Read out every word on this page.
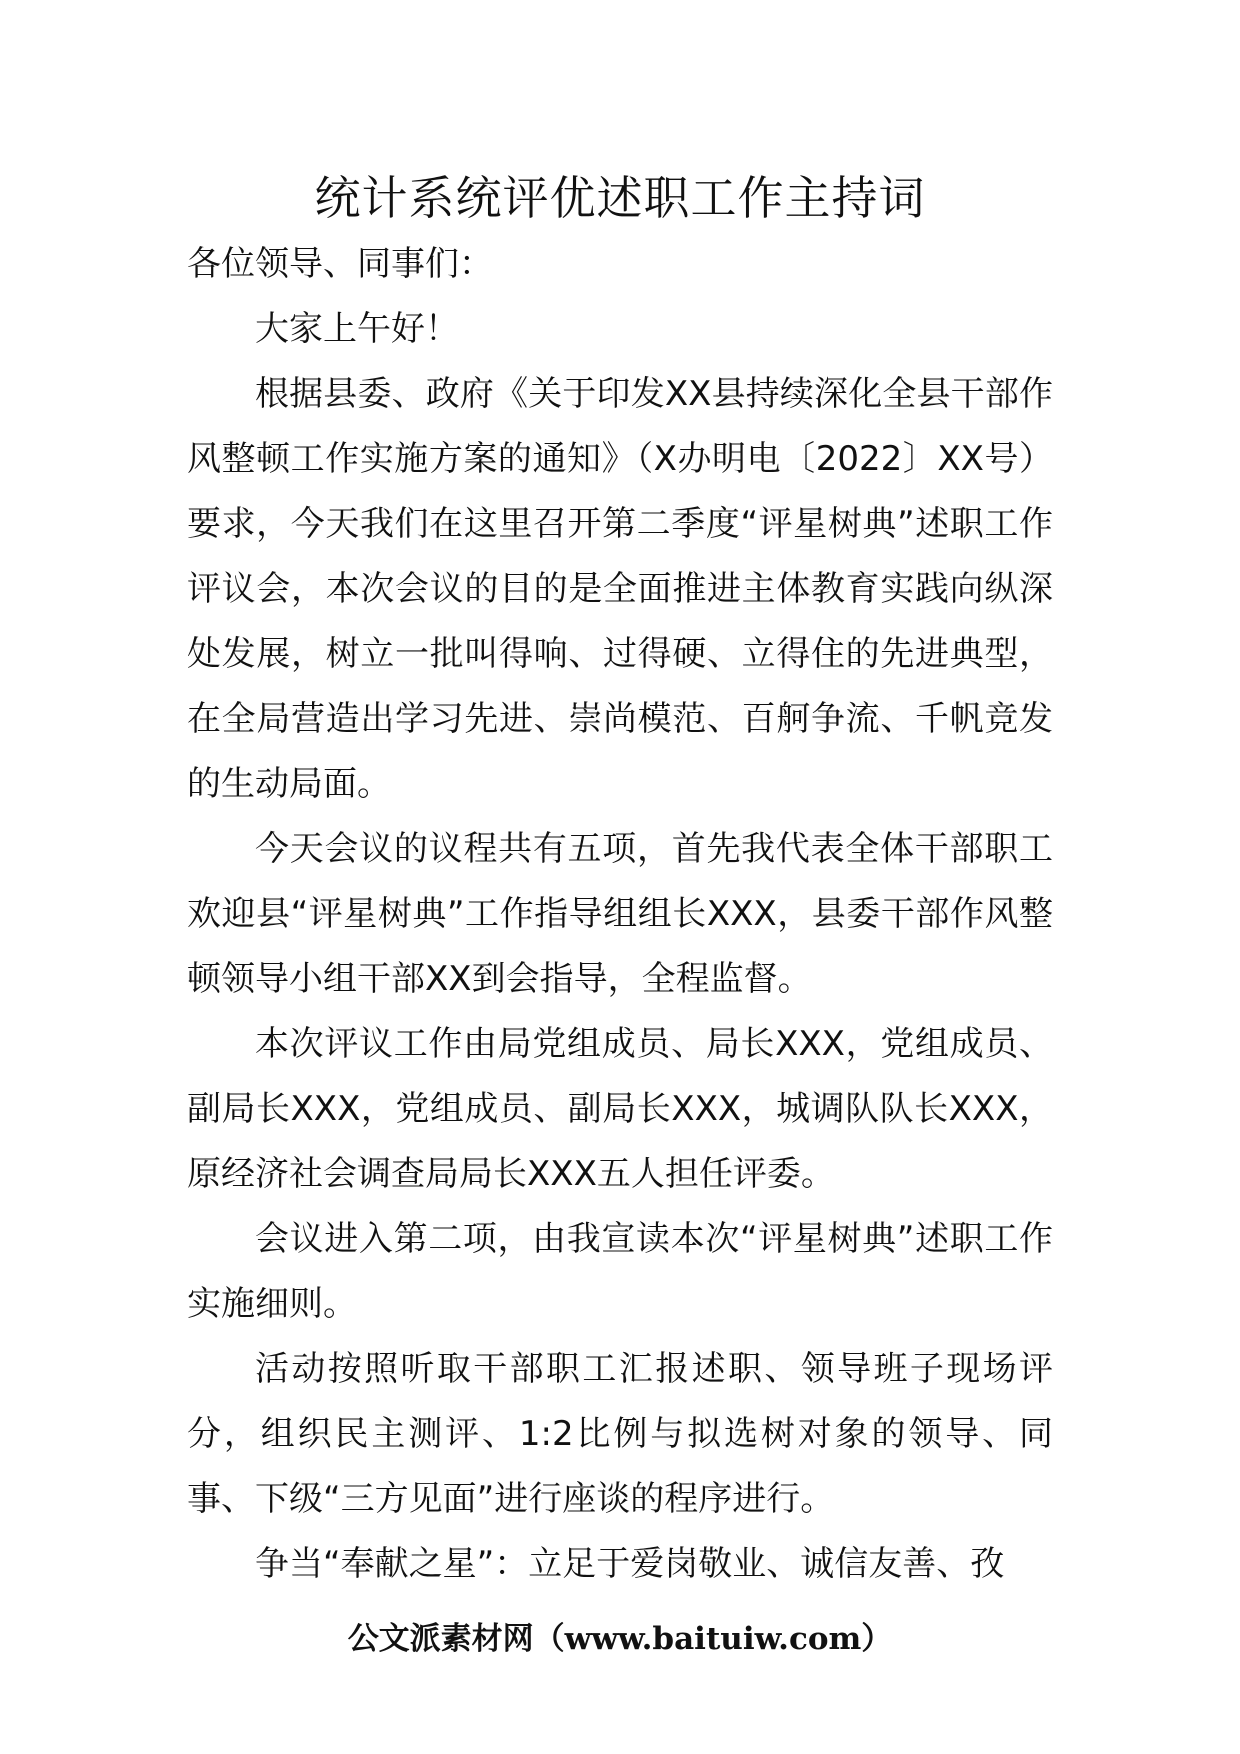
统计系统评优述职工作主持词

各位领导、同事们：

大家上午好！

根据县委、政府《关于印发XX县持续深化全县干部作风整顿工作实施方案的通知》（X办明电〔2022〕XX号）要求，今天我们在这里召开第二季度“评星树典”述职工作评议会，本次会议的目的是全面推进主体教育实践向纵深处发展，树立一批叫得响、过得硬、立得住的先进典型，在全局营造出学习先进、崇尚模范、百舸争流、千帆竞发的生动局面。

今天会议的议程共有五项，首先我代表全体干部职工欢迎县“评星树典”工作指导组组长XXX，县委干部作风整顿领导小组干部XX到会指导，全程监督。

本次评议工作由局党组成员、局长XXX，党组成员、副局长XXX，党组成员、副局长XXX，城调队队长XXX，原经济社会调查局局长XXX五人担任评委。

会议进入第二项，由我宣读本次“评星树典”述职工作实施细则。

活动按照听取干部职工汇报述职、领导班子现场评分，组织民主测评、1:2比例与拟选树对象的领导、同事、下级“三方见面”进行座谈的程序进行。

争当“奉献之星”：立足于爱岗敬业、诚信友善、孜

公文派素材网（www.baituiw.com）
